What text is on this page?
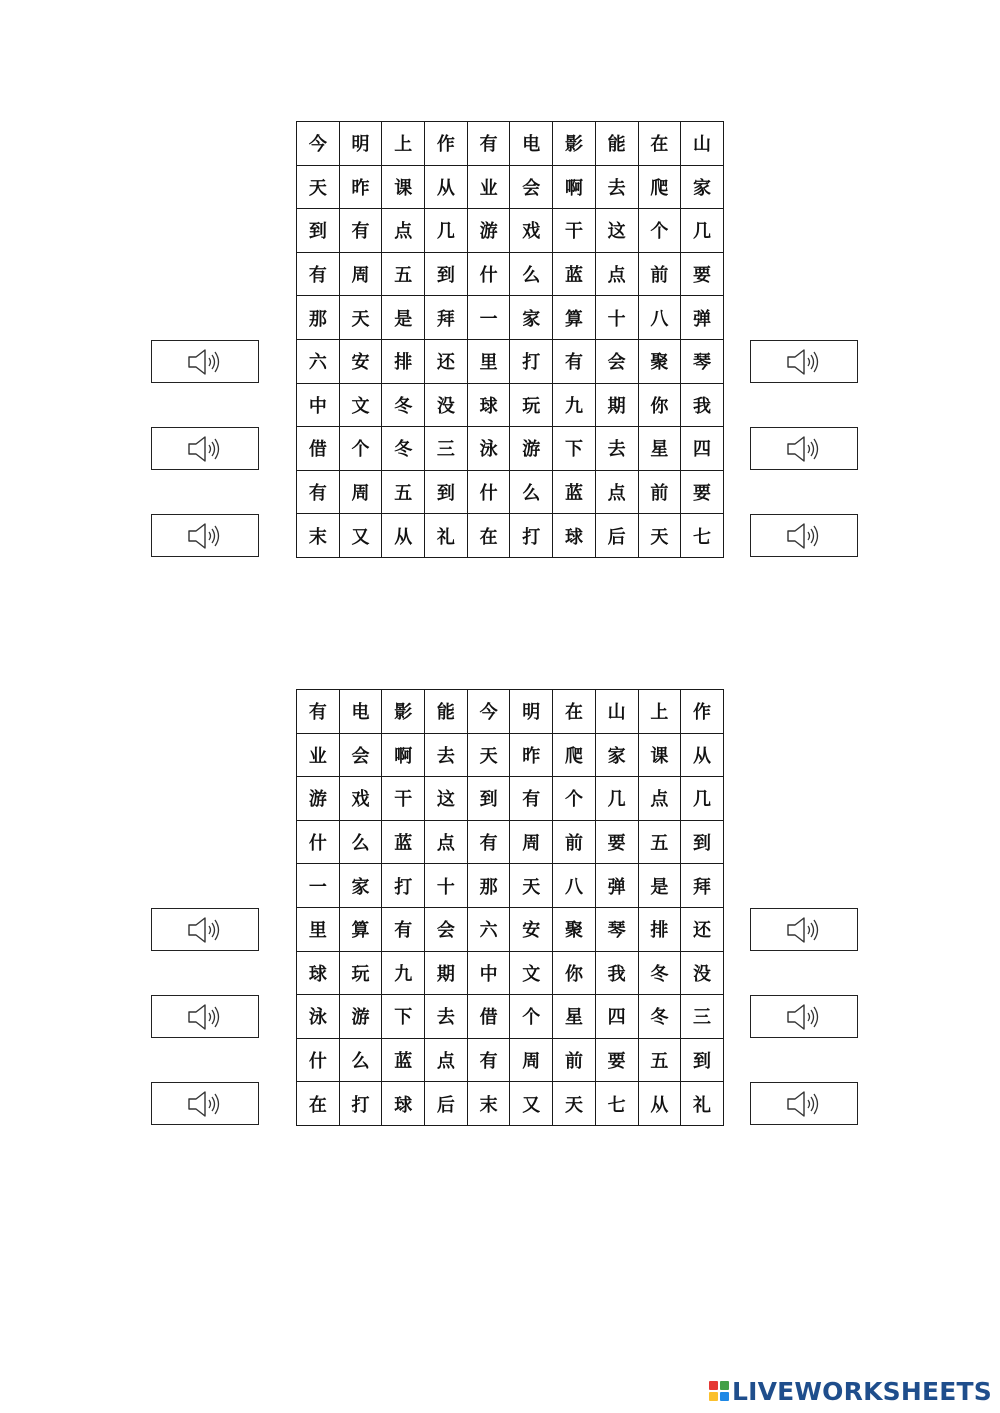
今	明	上	作	有	电	影	能	在	山
天	昨	课	从	业	会	啊	去	爬	家
到	有	点	几	游	戏	干	这	个	几
有	周	五	到	什	么	蓝	点	前	要
那	天	是	拜	一	家	算	十	八	弹
六	安	排	还	里	打	有	会	聚	琴
中	文	冬	没	球	玩	九	期	你	我
借	个	冬	三	泳	游	下	去	星	四
有	周	五	到	什	么	蓝	点	前	要
末	又	从	礼	在	打	球	后	天	七
有	电	影	能	今	明	在	山	上	作
业	会	啊	去	天	昨	爬	家	课	从
游	戏	干	这	到	有	个	几	点	几
什	么	蓝	点	有	周	前	要	五	到
一	家	打	十	那	天	八	弹	是	拜
里	算	有	会	六	安	聚	琴	排	还
球	玩	九	期	中	文	你	我	冬	没
泳	游	下	去	借	个	星	四	冬	三
什	么	蓝	点	有	周	前	要	五	到
在	打	球	后	末	又	天	七	从	礼
LIVEWORKSHEETS
